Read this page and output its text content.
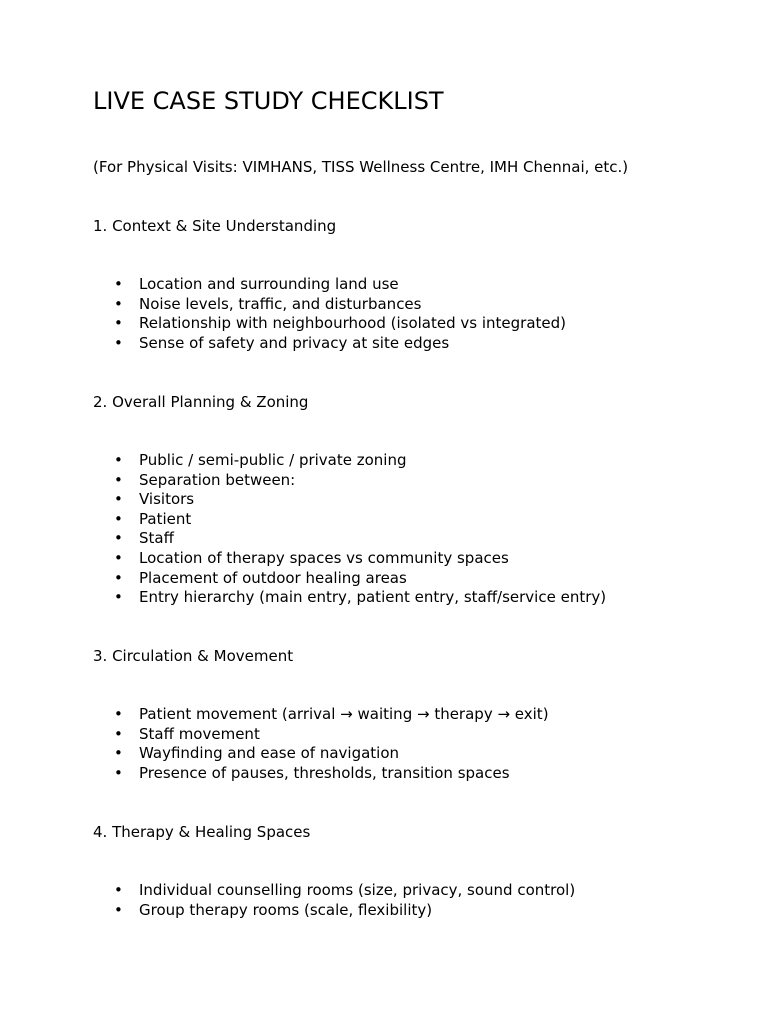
LIVE CASE STUDY CHECKLIST

(For Physical Visits: VIMHANS, TISS Wellness Centre, IMH Chennai, etc.)

1. Context & Site Understanding
• Location and surrounding land use
• Noise levels, traffic, and disturbances
• Relationship with neighbourhood (isolated vs integrated)
• Sense of safety and privacy at site edges
2. Overall Planning & Zoning
• Public / semi-public / private zoning
• Separation between:
• Visitors
• Patient
• Staff
• Location of therapy spaces vs community spaces
• Placement of outdoor healing areas
• Entry hierarchy (main entry, patient entry, staff/service entry)
3. Circulation & Movement
• Patient movement (arrival → waiting → therapy → exit)
• Staff movement
• Wayfinding and ease of navigation
• Presence of pauses, thresholds, transition spaces
4. Therapy & Healing Spaces
• Individual counselling rooms (size, privacy, sound control)
• Group therapy rooms (scale, flexibility)
